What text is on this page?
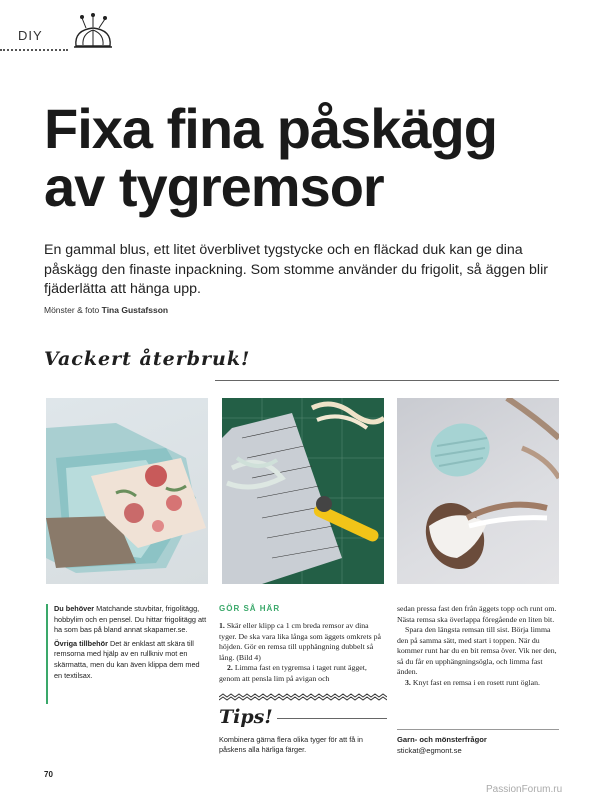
DIY
Fixa fina påskägg
av tygremsor
En gammal blus, ett litet överblivet tygstycke och en fläckad duk kan ge dina påskägg den finaste inpackning. Som stomme använder du frigolit, så äggen blir fjäderlätta att hänga upp.
Mönster & foto Tina Gustafsson
Vackert återbruk!

Du behöver Matchande stuvbitar, frigolitägg, hobbylim och en pensel. Du hittar frigolitägg att ha som bas på bland annat skapamer.se.

Övriga tillbehör Det är enklast att skära till remsorna med hjälp av en rullkniv mot en skärmatta, men du kan även klippa dem med en textilsax.

GÖR SÅ HÄR

1. Skär eller klipp ca 1 cm breda remsor av dina tyger. De ska vara lika långa som äggets omkrets på höjden. Gör en remsa till upphängning dubbelt så lång. (Bild 4)

2. Limma fast en tygremsa i taget runt ägget, genom att pensla lim på avigan och

Tips!
Kombinera gärna flera olika tyger för att få in påskens alla härliga färger.

sedan pressa fast den från äggets topp och runt om. Nästa remsa ska överlappa föregående en liten bit.

Spara den längsta remsan till sist. Börja limma den på samma sätt, med start i toppen. När du kommer runt har du en bit remsa över. Vik ner den, så du får en upphängningsögla, och limma fast änden.

3. Knyt fast en remsa i en rosett runt öglan.

Garn- och mönsterfrågor
stickat@egmont.se
70
PassionForum.ru
